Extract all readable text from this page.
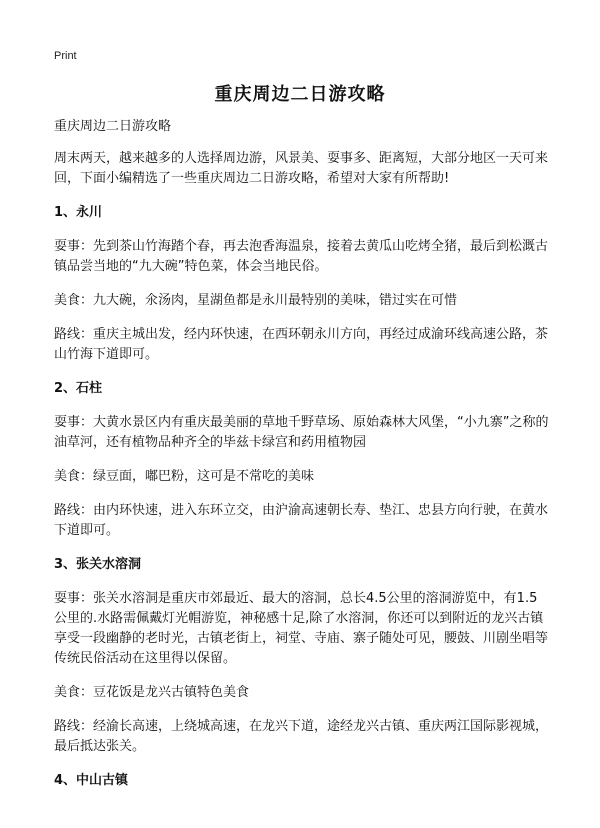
Print
重庆周边二日游攻略

重庆周边二日游攻略

周末两天，越来越多的人选择周边游，风景美、耍事多、距离短，大部分地区一天可来回，下面小编精选了一些重庆周边二日游攻略，希望对大家有所帮助!

1、永川

耍事：先到茶山竹海踏个春，再去泡香海温泉，接着去黄瓜山吃烤全猪，最后到松溉古镇品尝当地的“九大碗”特色菜，体会当地民俗。

美食：九大碗，氽汤肉，星湖鱼都是永川最特别的美味，错过实在可惜

路线：重庆主城出发，经内环快速，在西环朝永川方向，再经过成渝环线高速公路，茶山竹海下道即可。

2、石柱

耍事：大黄水景区内有重庆最美丽的草地千野草场、原始森林大风堡，“小九寨”之称的油草河，还有植物品种齐全的毕兹卡绿宫和药用植物园

美食：绿豆面，嘟巴粉，这可是不常吃的美味

路线：由内环快速，进入东环立交，由沪渝高速朝长寿、垫江、忠县方向行驶，在黄水下道即可。

3、张关水溶洞

耍事：张关水溶洞是重庆市郊最近、最大的溶洞，总长4.5公里的溶洞游览中，有1.5公里的.水路需佩戴灯光帽游览，神秘感十足,除了水溶洞，你还可以到附近的龙兴古镇享受一段幽静的老时光，古镇老街上，祠堂、寺庙、寨子随处可见，腰鼓、川剧坐唱等传统民俗活动在这里得以保留。

美食：豆花饭是龙兴古镇特色美食

路线：经渝长高速，上绕城高速，在龙兴下道，途经龙兴古镇、重庆两江国际影视城，最后抵达张关。

4、中山古镇
